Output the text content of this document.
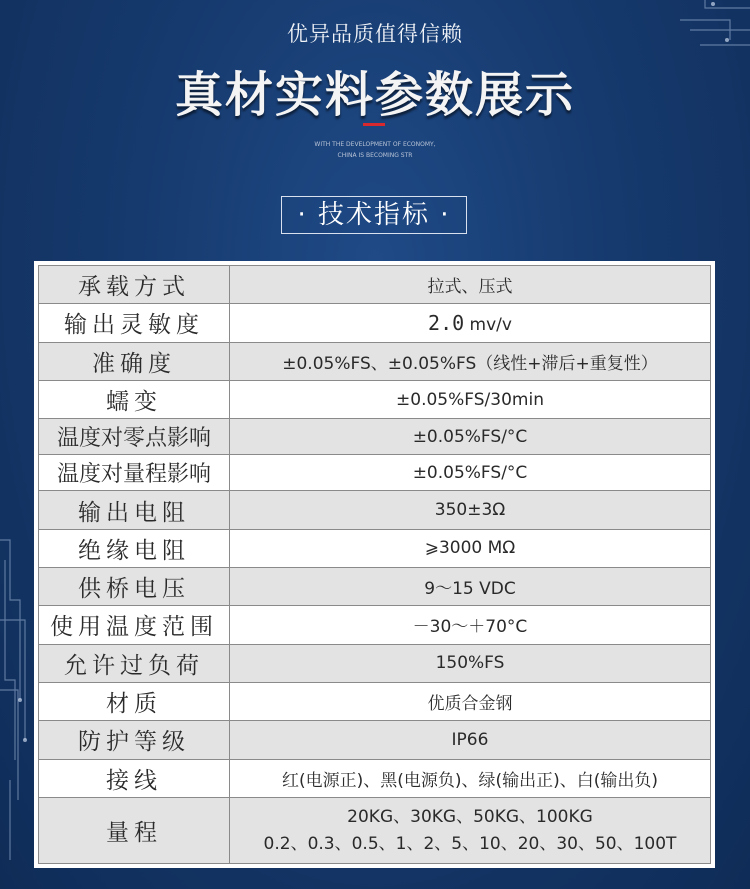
优异品质值得信赖
真材实料参数展示
WITH THE DEVELOPMENT OF ECONOMY,
CHINA IS BECOMING STR
· 技术指标 ·
承载方式	拉式、压式
输出灵敏度	2.0 mv/v
准确度	±0.05%FS、±0.05%FS（线性+滞后+重复性）
蠕变	±0.05%FS/30min
温度对零点影响	±0.05%FS/°C
温度对量程影响	±0.05%FS/°C
输出电阻	350±3Ω
绝缘电阻	⩾3000 MΩ
供桥电压	9～15 VDC
使用温度范围	－30～＋70°C
允许过负荷	150%FS
材质	优质合金钢
防护等级	IP66
接线	红(电源正)、黑(电源负)、绿(输出正)、白(输出负)
量程	20KG、30KG、50KG、100KG
0.2、0.3、0.5、1、2、5、10、20、30、50、100T
